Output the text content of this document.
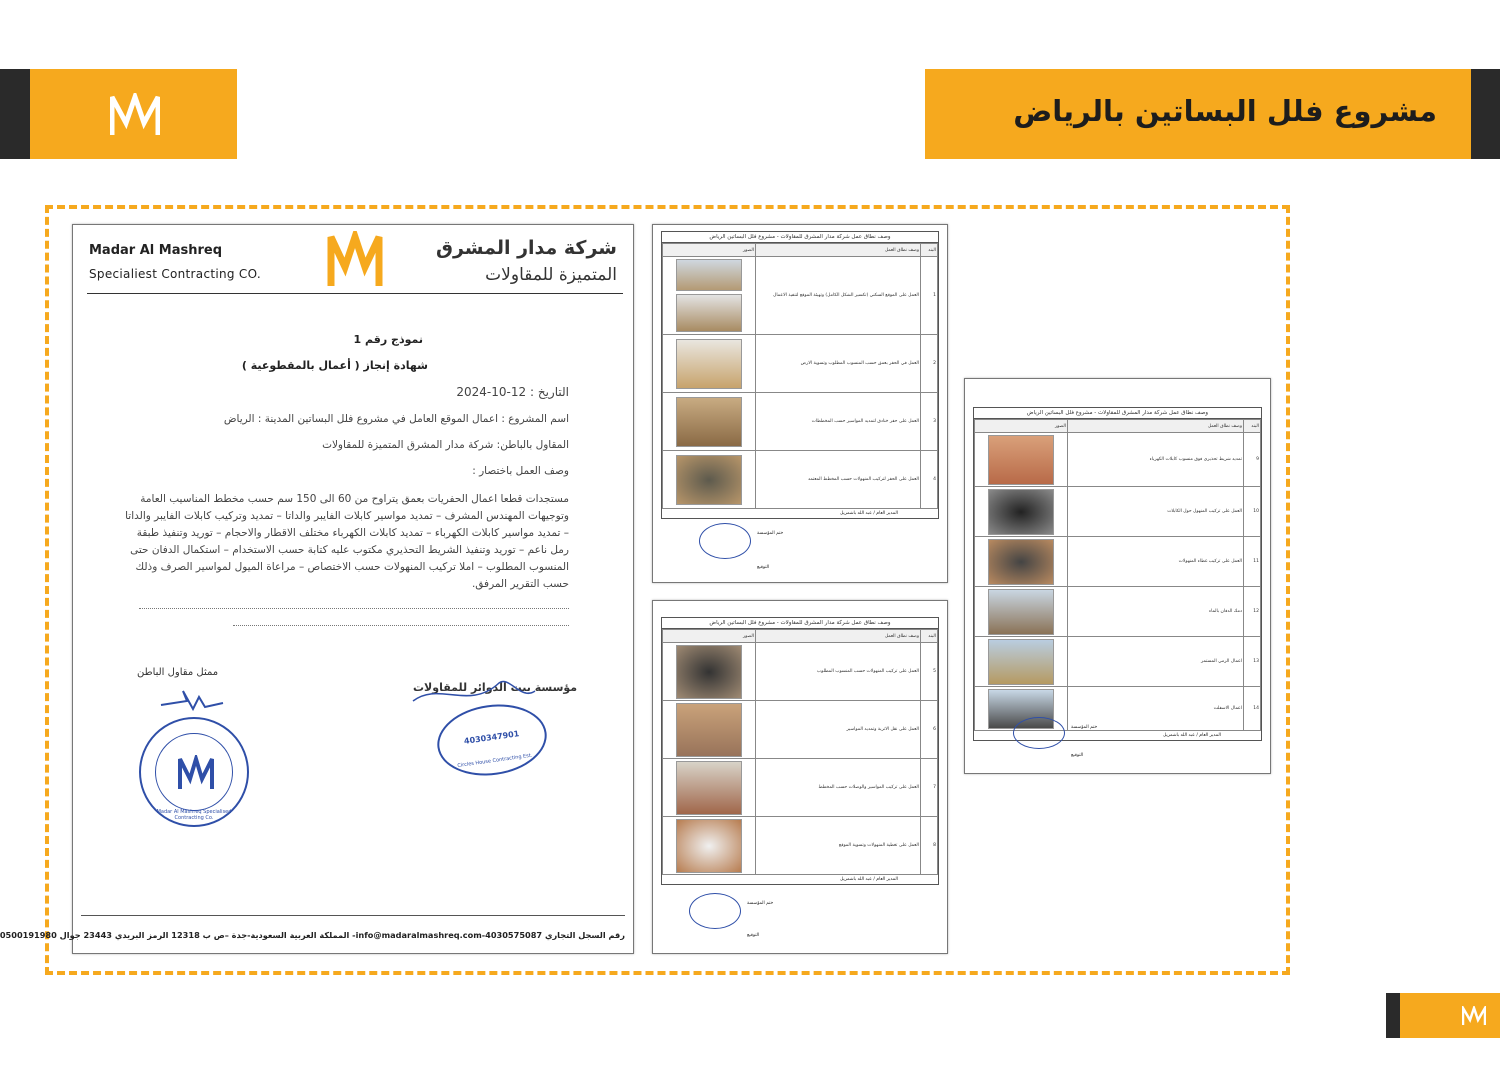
مشروع فلل البساتين بالرياض
Madar Al Mashreq
Specialiest Contracting CO.
شركة مدار المشرق
المتميزة للمقاولات
نموذج رقم 1
شهادة إنجاز ( أعمال بالمقطوعية )
التاريخ : 12-10-2024
اسم المشروع : اعمال الموقع العامل في مشروع فلل البساتين المدينة : الرياض
المقاول بالباطن: شركة مدار المشرق المتميزة للمقاولات
وصف العمل باختصار :
مستجدات قطعا اعمال الحفريات بعمق يتراوح من 60 الى 150 سم حسب مخطط المناسيب العامة
وتوجيهات المهندس المشرف – تمديد مواسير كابلات الفايبر والداتا – تمديد وتركيب كابلات الفايبر والداتا
– تمديد مواسير كابلات الكهرباء – تمديد كابلات الكهرباء مختلف الاقطار والاحجام – توريد وتنفيذ طبقة
رمل ناعم – توريد وتنفيذ الشريط التحذيري مكتوب عليه كتابة حسب الاستخدام – استكمال الدفان حتى
المنسوب المطلوب – املا تركيب المنهولات حسب الاختصاص – مراعاة الميول لمواسير الصرف وذلك
حسب التقرير المرفق.
ممثل مقاول الباطن
Madar Al Mashreq Specialised Contracting Co.
مؤسسة بيت الدوائر للمقاولات
4030347901
Circles House Contracting Est.
رقم السجل التجاري 4030575087-info@madaralmashreq.com- المملكة العربية السعودية-جدة –ص ب 12318 الرمز البريدي 23443 جوال 0500191980
وصف نطاق عمل شركة مدار المشرق للمقاولات - مشروع فلل البساتين الرياض
البند	وصف نطاق العمل	الصور
1	العمل على الموقع السكني (تكسير الشكل الكامل) وتهيئة الموقع لتنفيذ الاعمال	

2	العمل في الحفر بعمق حسب المنسوب المطلوب وتسوية الارض	

3	العمل على حفر خنادق لتمديد المواسير حسب المخططات	

4	العمل على الحفر لتركيب المنهولات حسب المخطط المعتمد	
المدير العام / عبد الله باشمريل
ختم المؤسسة
التوقيع
وصف نطاق عمل شركة مدار المشرق للمقاولات - مشروع فلل البساتين الرياض
البند	وصف نطاق العمل	الصور
5	العمل على تركيب المنهولات حسب المنسوب المطلوب	

6	العمل على نقل الاتربة وتمديد المواسير	

7	العمل على تركيب المواسير والوصلات حسب المخطط	

8	العمل على تغطية المنهولات وتسوية الموقع	
المدير العام / عبد الله باشمريل
ختم المؤسسة
التوقيع
وصف نطاق عمل شركة مدار المشرق للمقاولات - مشروع فلل البساتين الرياض
البند	وصف نطاق العمل	الصور
9	تمديد شريط تحذيري فوق منسوب كابلات الكهرباء	

10	العمل على تركيب المنهول حول الكابلات	

11	العمل على تركيب غطاء المنهولات	

12	دمك الدفان بالماء	

13	اعمال الرمي المستمر	

14	اعمال الاسفلت	
المدير العام / عبد الله باشمريل
ختم المؤسسة
التوقيع
